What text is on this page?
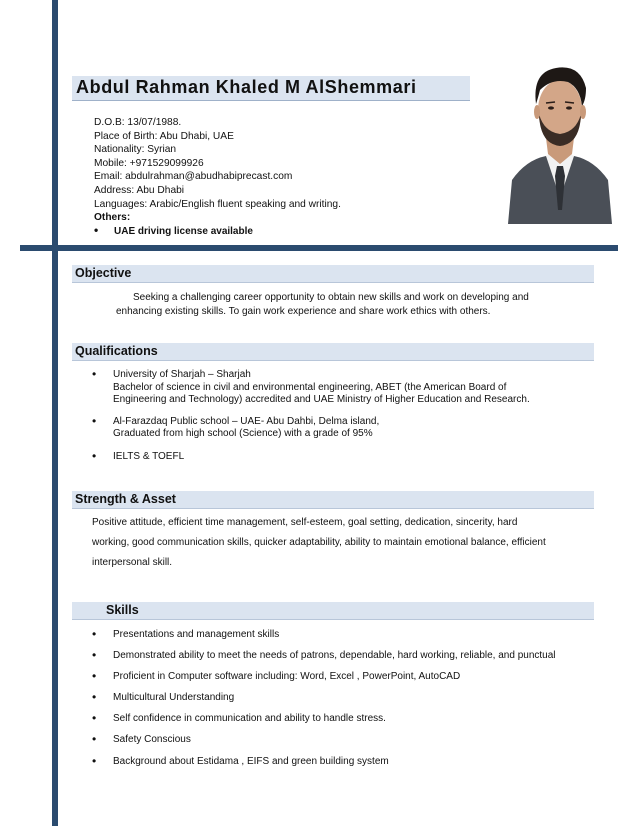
Abdul Rahman Khaled M AlShemmari
D.O.B: 13/07/1988.
Place of Birth: Abu Dhabi, UAE
Nationality: Syrian
Mobile: +971529099926
Email: abdulrahman@abudhabiprecast.com
Address: Abu Dhabi
Languages: Arabic/English fluent speaking and writing.
Others:
• UAE driving license available
Objective
Seeking a challenging career opportunity to obtain new skills and work on developing and
enhancing existing skills. To gain work experience and share work ethics with others.
Qualifications
• University of Sharjah – Sharjah
Bachelor of science in civil and environmental engineering, ABET (the American Board of
Engineering and Technology) accredited and UAE Ministry of Higher Education and Research.
• Al-Farazdaq Public school – UAE- Abu Dahbi, Delma island,
Graduated from high school (Science) with a grade of 95%
• IELTS & TOEFL
Strength & Asset
Positive attitude, efficient time management, self-esteem, goal setting, dedication, sincerity, hard
working, good communication skills, quicker adaptability, ability to maintain emotional balance, efficient
interpersonal skill.
Skills
• Presentations and management skills
• Demonstrated ability to meet the needs of patrons, dependable, hard working, reliable, and punctual
• Proficient in Computer software including: Word, Excel , PowerPoint, AutoCAD
• Multicultural Understanding
• Self confidence in communication and ability to handle stress.
• Safety Conscious
• Background about Estidama , EIFS and green building system
